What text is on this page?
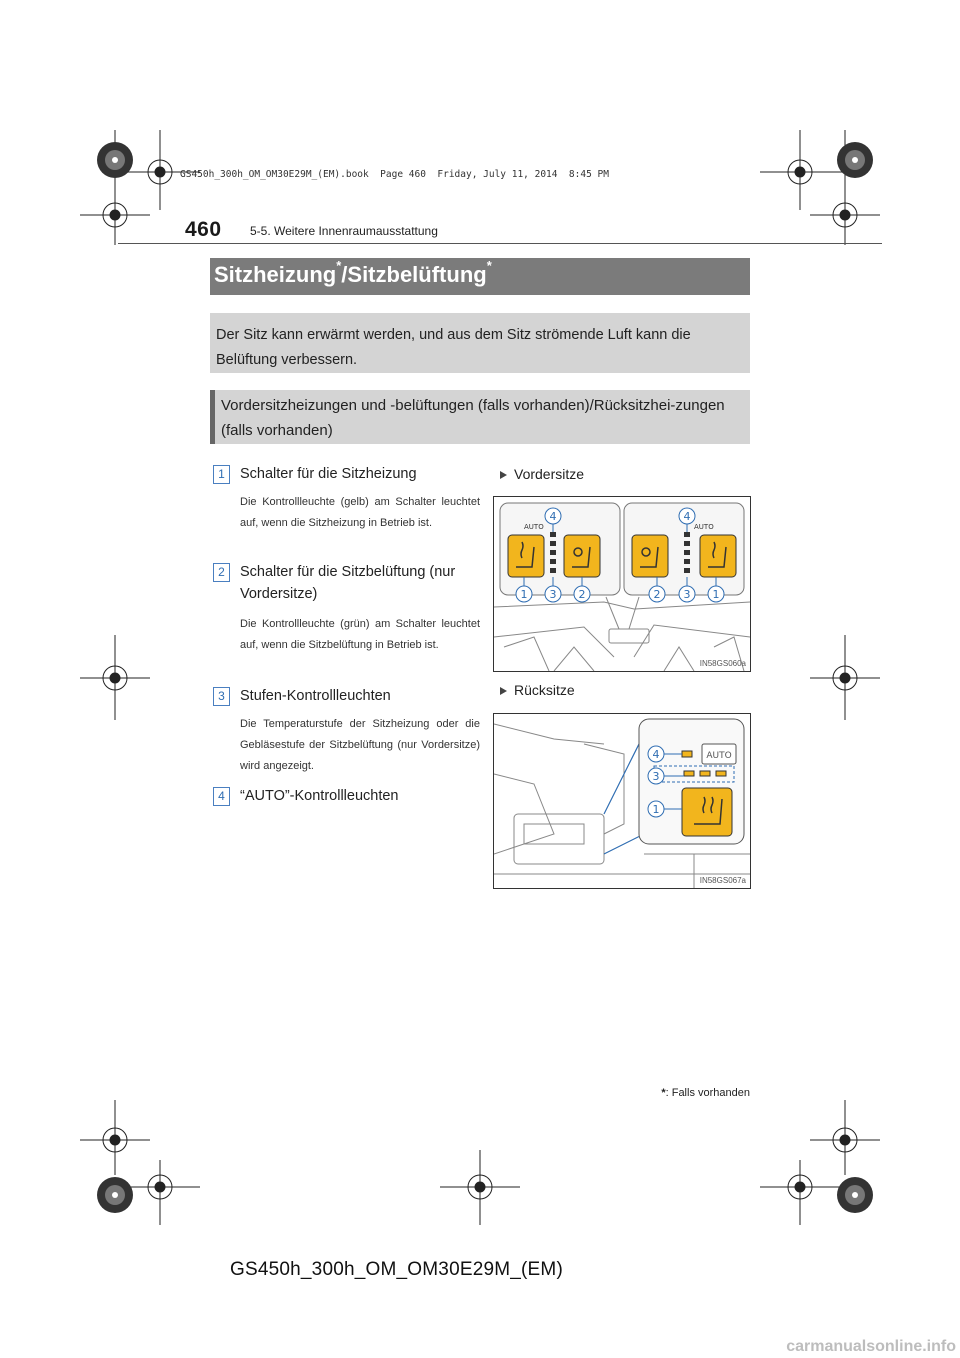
GS450h_300h_OM_OM30E29M_(EM).book  Page 460  Friday, July 11, 2014  8:45 PM
460 5-5. Weitere Innenraumausstattung
Sitzheizung*/Sitzbelüftung*
Der Sitz kann erwärmt werden, und aus dem Sitz strömende Luft kann die Belüftung verbessern.
Vordersitzheizungen und -belüftungen (falls vorhanden)/Rücksitzhei-zungen (falls vorhanden)
1	Schalter für die Sitzheizung
Die Kontrollleuchte (gelb) am Schalter leuchtet auf, wenn die Sitzheizung in Betrieb ist.
2	Schalter für die Sitzbelüftung (nur Vordersitze)
Die Kontrollleuchte (grün) am Schalter leuchtet auf, wenn die Sitzbelüftung in Betrieb ist.
3	Stufen-Kontrollleuchten
Die Temperaturstufe der Sitzheizung oder die Gebläsestufe der Sitzbelüftung (nur Vordersitze) wird angezeigt.
4	“AUTO”-Kontrollleuchten
Vordersitze
AUTO	AUTO
4	4
1 3 2	2 3 1
IN58GS060a
Rücksitze
AUTO
4
3
1
IN58GS067a
*: Falls vorhanden
GS450h_300h_OM_OM30E29M_(EM)
carmanualsonline.info
